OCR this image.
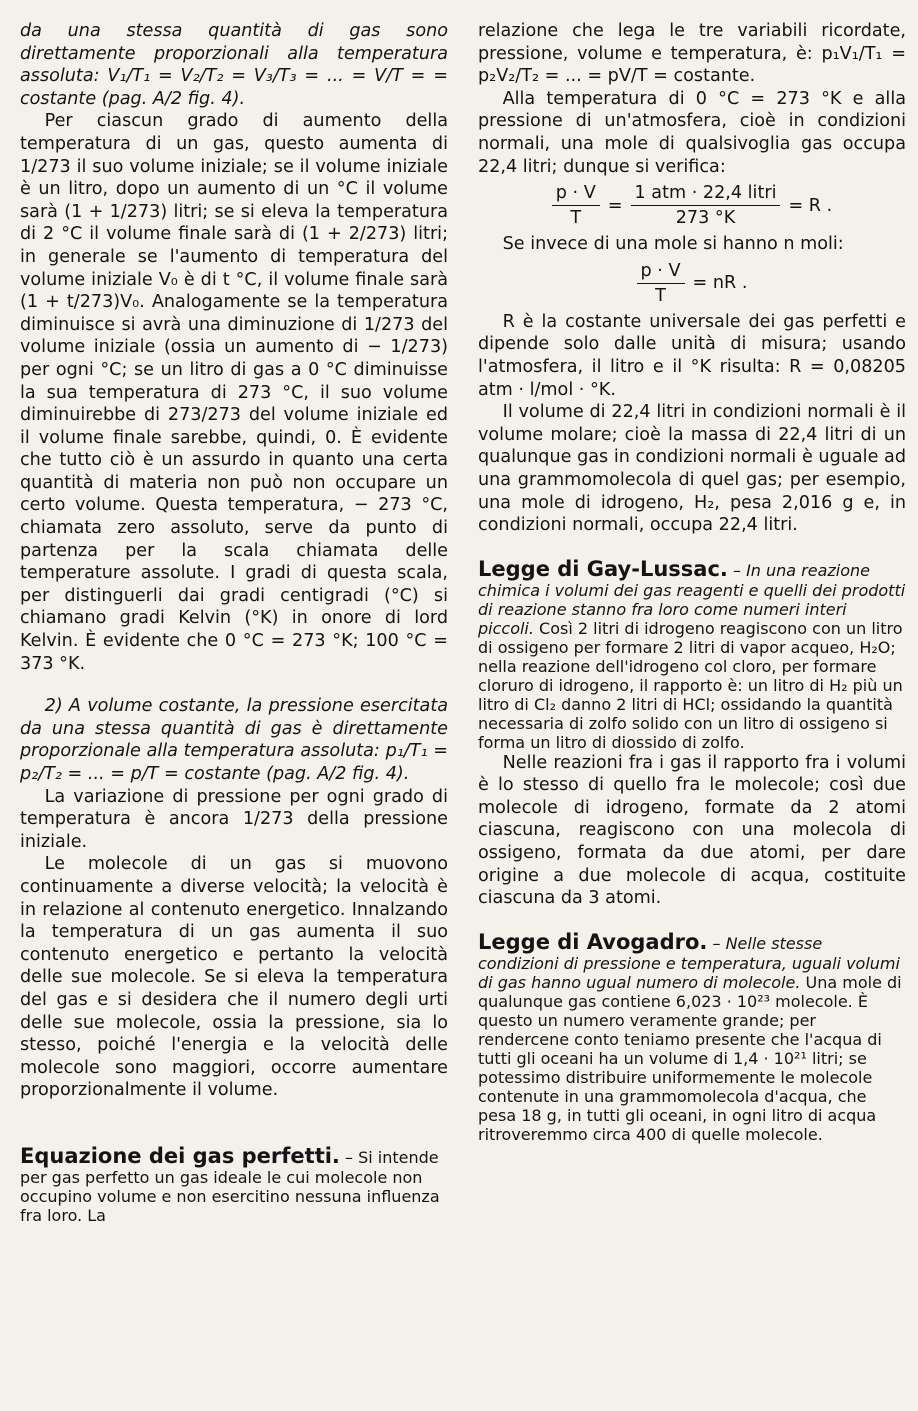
da una stessa quantità di gas sono direttamente proporzionali alla temperatura assoluta: V₁/T₁ = V₂/T₂ = V₃/T₃ = ... = V/T = = costante (pag. A/2 fig. 4).

Per ciascun grado di aumento della temperatura di un gas, questo aumenta di 1/273 il suo volume iniziale; se il volume iniziale è un litro, dopo un aumento di un °C il volume sarà (1 + 1/273) litri; se si eleva la temperatura di 2 °C il volume finale sarà di (1 + 2/273) litri; in generale se l'aumento di temperatura del volume iniziale V₀ è di t °C, il volume finale sarà (1 + t/273)V₀. Analogamente se la temperatura diminuisce si avrà una diminuzione di 1/273 del volume iniziale (ossia un aumento di − 1/273) per ogni °C; se un litro di gas a 0 °C diminuisse la sua temperatura di 273 °C, il suo volume diminuirebbe di 273/273 del volume iniziale ed il volume finale sarebbe, quindi, 0. È evidente che tutto ciò è un assurdo in quanto una certa quantità di materia non può non occupare un certo volume. Questa temperatura, − 273 °C, chiamata zero assoluto, serve da punto di partenza per la scala chiamata delle temperature assolute. I gradi di questa scala, per distinguerli dai gradi centigradi (°C) si chiamano gradi Kelvin (°K) in onore di lord Kelvin. È evidente che 0 °C = 273 °K; 100 °C = 373 °K.

2) A volume costante, la pressione esercitata da una stessa quantità di gas è direttamente proporzionale alla temperatura assoluta: p₁/T₁ = p₂/T₂ = ... = p/T = costante (pag. A/2 fig. 4).

La variazione di pressione per ogni grado di temperatura è ancora 1/273 della pressione iniziale.

Le molecole di un gas si muovono continuamente a diverse velocità; la velocità è in relazione al contenuto energetico. Innalzando la temperatura di un gas aumenta il suo contenuto energetico e pertanto la velocità delle sue molecole. Se si eleva la temperatura del gas e si desidera che il numero degli urti delle sue molecole, ossia la pressione, sia lo stesso, poiché l'energia e la velocità delle molecole sono maggiori, occorre aumentare proporzionalmente il volume.

Equazione dei gas perfetti. – Si intende per gas perfetto un gas ideale le cui molecole non occupino volume e non esercitino nessuna influenza fra loro. La

relazione che lega le tre variabili ricordate, pressione, volume e temperatura, è: p₁V₁/T₁ = p₂V₂/T₂ = ... = pV/T = costante.

Alla temperatura di 0 °C = 273 °K e alla pressione di un'atmosfera, cioè in condizioni normali, una mole di qualsivoglia gas occupa 22,4 litri; dunque si verifica:

$\frac{p \cdot V}{T} = \frac{\text{1 atm · 22,4 litri}}{273 ^\circ K} = R$ .

Se invece di una mole si hanno n moli:

$\frac{p \cdot V}{T}$ = nR .

R è la costante universale dei gas perfetti e dipende solo dalle unità di misura; usando l'atmosfera, il litro e il °K risulta: R = 0,08205 atm · l/mol · °K.

Il volume di 22,4 litri in condizioni normali è il volume molare; cioè la massa di 22,4 litri di un qualunque gas in condizioni normali è uguale ad una grammomolecola di quel gas; per esempio, una mole di idrogeno, H₂, pesa 2,016 g e, in condizioni normali, occupa 22,4 litri.

Legge di Gay-Lussac. – In una reazione chimica i volumi dei gas reagenti e quelli dei prodotti di reazione stanno fra loro come numeri interi piccoli. Così 2 litri di idrogeno reagiscono con un litro di ossigeno per formare 2 litri di vapor acqueo, H₂O; nella reazione dell'idrogeno col cloro, per formare cloruro di idrogeno, il rapporto è: un litro di H₂ più un litro di Cl₂ danno 2 litri di HCl; ossidando la quantità necessaria di zolfo solido con un litro di ossigeno si forma un litro di diossido di zolfo.

Nelle reazioni fra i gas il rapporto fra i volumi è lo stesso di quello fra le molecole; così due molecole di idrogeno, formate da 2 atomi ciascuna, reagiscono con una molecola di ossigeno, formata da due atomi, per dare origine a due molecole di acqua, costituite ciascuna da 3 atomi.

Legge di Avogadro. – Nelle stesse condizioni di pressione e temperatura, uguali volumi di gas hanno ugual numero di molecole. Una mole di qualunque gas contiene 6,023 · 10²³ molecole. È questo un numero veramente grande; per rendercene conto teniamo presente che l'acqua di tutti gli oceani ha un volume di 1,4 · 10²¹ litri; se potessimo distribuire uniformemente le molecole contenute in una grammomolecola d'acqua, che pesa 18 g, in tutti gli oceani, in ogni litro di acqua ritroveremmo circa 400 di quelle molecole.
